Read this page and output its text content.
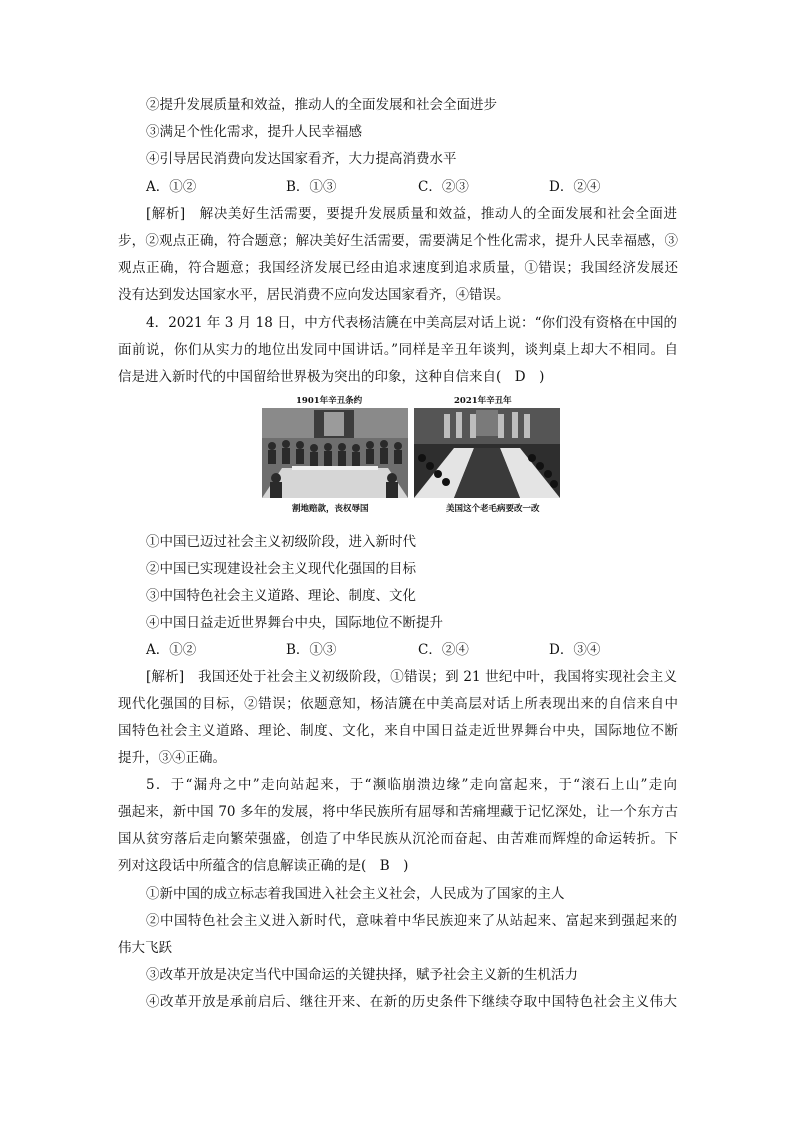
②提升发展质量和效益，推动人的全面发展和社会全面进步
③满足个性化需求，提升人民幸福感
④引导居民消费向发达国家看齐，大力提高消费水平
A．①②	B．①③	C．②③	D．②④
[解析]　解决美好生活需要，要提升发展质量和效益，推动人的全面发展和社会全面进
步，②观点正确，符合题意；解决美好生活需要，需要满足个性化需求，提升人民幸福感，③
观点正确，符合题意；我国经济发展已经由追求速度到追求质量，①错误；我国经济发展还
没有达到发达国家水平，居民消费不应向发达国家看齐，④错误。
4．2021 年 3 月 18 日，中方代表杨洁篪在中美高层对话上说：“你们没有资格在中国的
面前说，你们从实力的地位出发同中国讲话。”同样是辛丑年谈判，谈判桌上却大不相同。自
信是进入新时代的中国留给世界极为突出的印象，这种自信来自(　D　)
1901年辛丑条约	2021年辛丑年
割地赔款，丧权辱国	美国这个老毛病要改一改
①中国已迈过社会主义初级阶段，进入新时代
②中国已实现建设社会主义现代化强国的目标
③中国特色社会主义道路、理论、制度、文化
④中国日益走近世界舞台中央，国际地位不断提升
A．①②	B．①③	C．②④	D．③④
[解析]　我国还处于社会主义初级阶段，①错误；到 21 世纪中叶，我国将实现社会主义
现代化强国的目标，②错误；依题意知，杨洁篪在中美高层对话上所表现出来的自信来自中
国特色社会主义道路、理论、制度、文化，来自中国日益走近世界舞台中央，国际地位不断
提升，③④正确。
5．于“漏舟之中”走向站起来，于“濒临崩溃边缘”走向富起来，于“滚石上山”走向
强起来，新中国 70 多年的发展，将中华民族所有屈辱和苦痛埋藏于记忆深处，让一个东方古
国从贫穷落后走向繁荣强盛，创造了中华民族从沉沦而奋起、由苦难而辉煌的命运转折。下
列对这段话中所蕴含的信息解读正确的是(　B　)
①新中国的成立标志着我国进入社会主义社会，人民成为了国家的主人
②中国特色社会主义进入新时代，意味着中华民族迎来了从站起来、富起来到强起来的
伟大飞跃
③改革开放是决定当代中国命运的关键抉择，赋予社会主义新的生机活力
④改革开放是承前启后、继往开来、在新的历史条件下继续夺取中国特色社会主义伟大
